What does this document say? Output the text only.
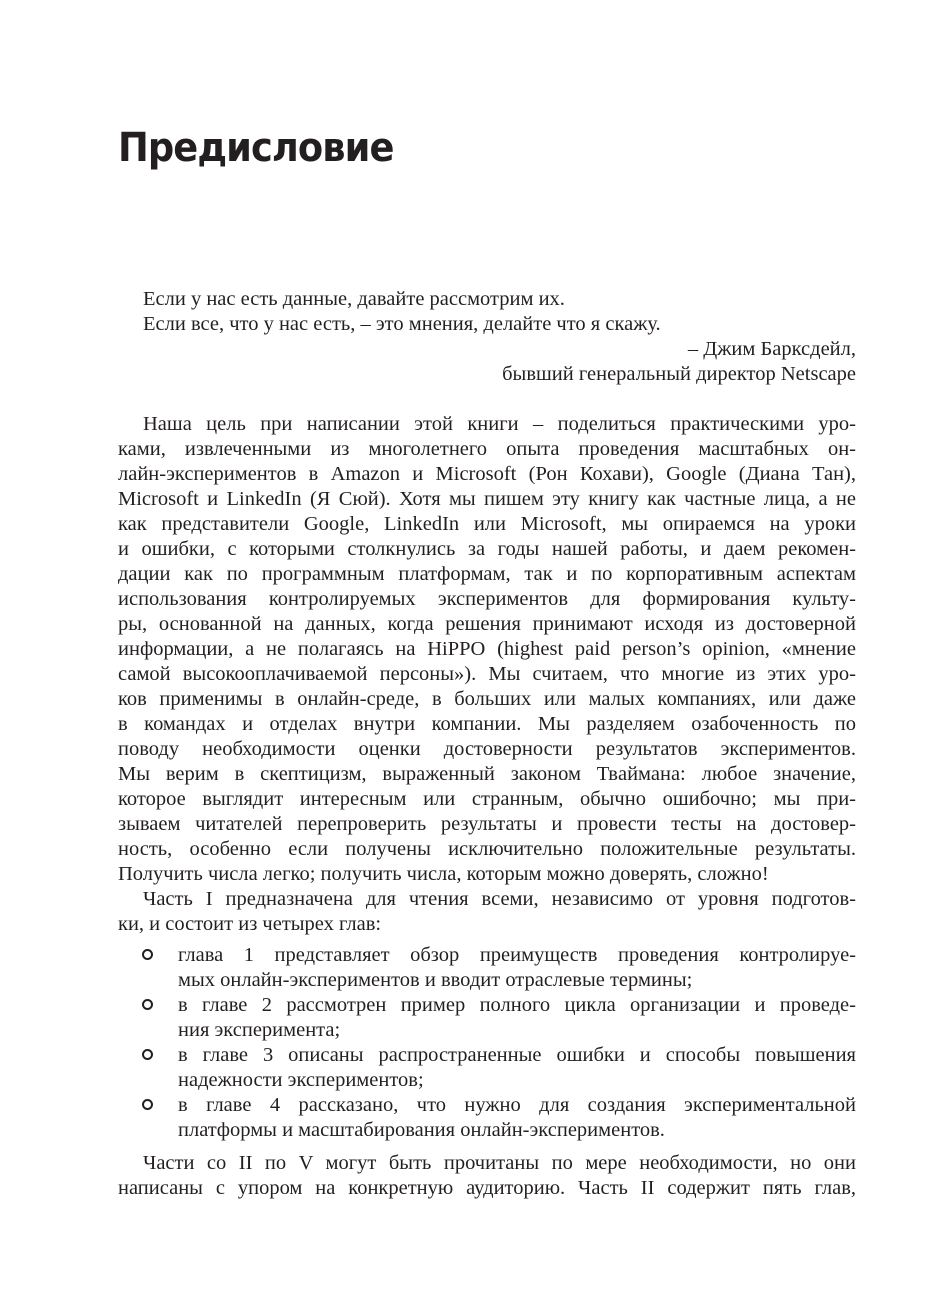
Предисловие
Если у нас есть данные, давайте рассмотрим их.
Если все, что у нас есть, – это мнения, делайте что я скажу.
– Джим Барксдейл,
бывший генеральный директор Netscape
Наша цель при написании этой книги – поделиться практическими уро-
ками, извлеченными из многолетнего опыта проведения масштабных он-
лайн-экспериментов в Amazon и Microsoft (Рон Кохави), Google (Диана Тан),
Microsoft и LinkedIn (Я Сюй). Хотя мы пишем эту книгу как частные лица, а не
как представители Google, LinkedIn или Microsoft, мы опираемся на уроки
и ошибки, с которыми столкнулись за годы нашей работы, и даем рекомен-
дации как по программным платформам, так и по корпоративным аспектам
использования контролируемых экспериментов для формирования культу-
ры, основанной на данных, когда решения принимают исходя из достоверной
информации, а не полагаясь на HiPPO (highest paid person’s opinion, «мнение
самой высокооплачиваемой персоны»). Мы считаем, что многие из этих уро-
ков применимы в онлайн-среде, в больших или малых компаниях, или даже
в командах и отделах внутри компании. Мы разделяем озабоченность по
поводу необходимости оценки достоверности результатов экспериментов.
Мы верим в скептицизм, выраженный законом Твaймана: любое значение,
которое выглядит интересным или странным, обычно ошибочно; мы при-
зываем читателей перепроверить результаты и провести тесты на достовер-
ность, особенно если получены исключительно положительные результаты.
Получить числа легко; получить числа, которым можно доверять, сложно!
Часть I предназначена для чтения всеми, независимо от уровня подготов-
ки, и состоит из четырех глав:
глава 1 представляет обзор преимуществ проведения контролируе-
мых онлайн-экспериментов и вводит отраслевые термины;
в главе 2 рассмотрен пример полного цикла организации и проведе-
ния эксперимента;
в главе 3 описаны распространенные ошибки и способы повышения
надежности экспериментов;
в главе 4 рассказано, что нужно для создания экспериментальной
платформы и масштабирования онлайн-экспериментов.
Части со II по V могут быть прочитаны по мере необходимости, но они
написаны с упором на конкретную аудиторию. Часть II содержит пять глав,
